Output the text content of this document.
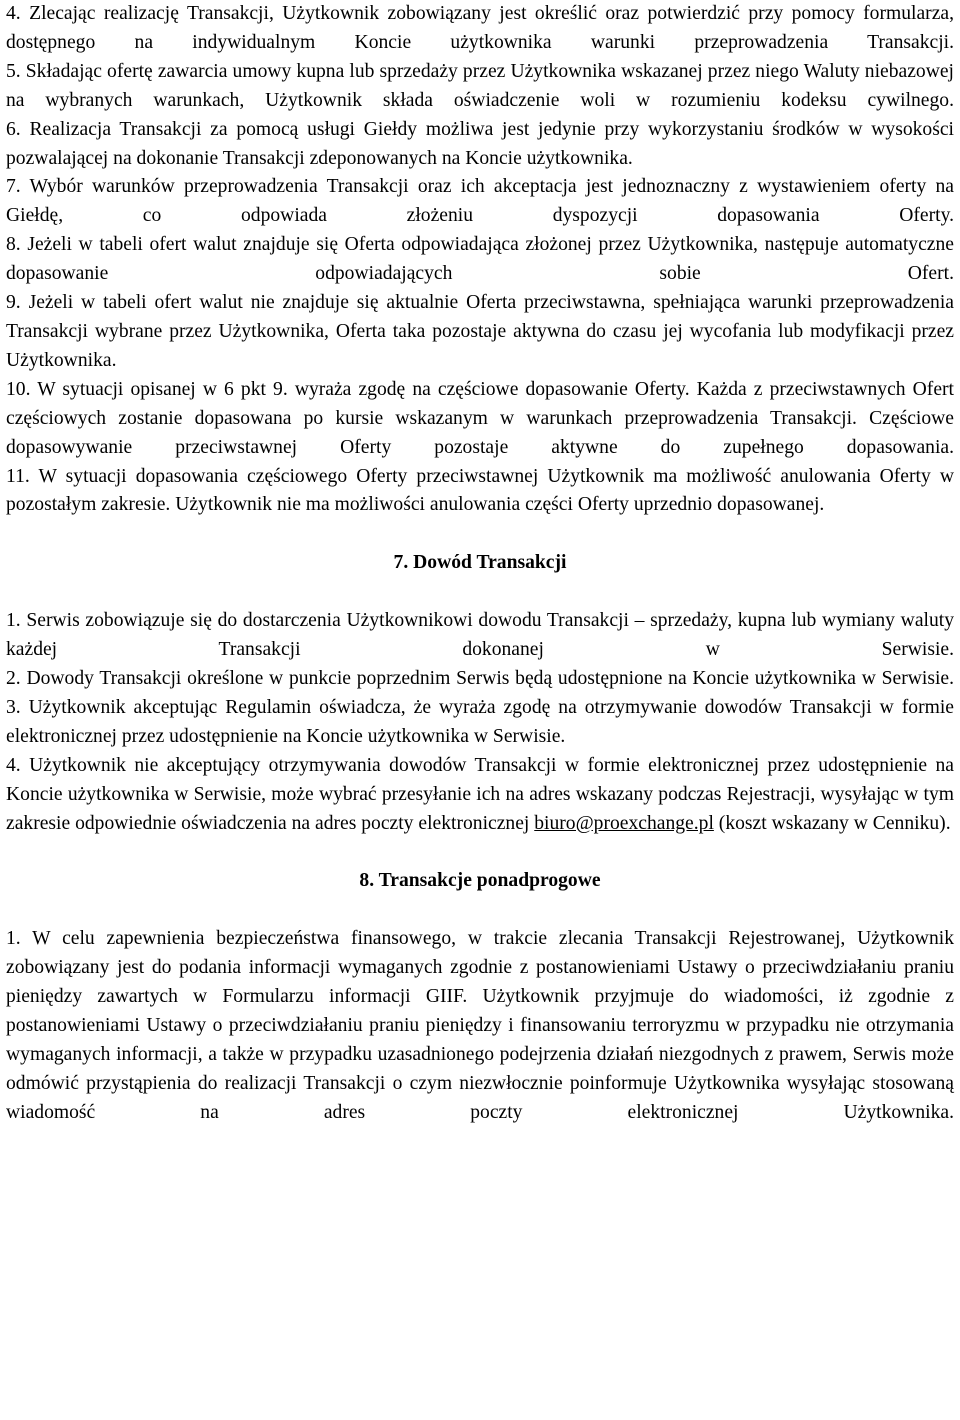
4. Zlecając realizację Transakcji, Użytkownik zobowiązany jest określić oraz potwierdzić przy pomocy formularza, dostępnego na indywidualnym Koncie użytkownika warunki przeprowadzenia Transakcji.

5. Składając ofertę zawarcia umowy kupna lub sprzedaży przez Użytkownika wskazanej przez niego Waluty niebazowej na wybranych warunkach, Użytkownik składa oświadczenie woli w rozumieniu kodeksu cywilnego.

6. Realizacja Transakcji za pomocą usługi Giełdy możliwa jest jedynie przy wykorzystaniu środków w wysokości pozwalającej na dokonanie Transakcji zdeponowanych na Koncie użytkownika.

7. Wybór warunków przeprowadzenia Transakcji oraz ich akceptacja jest jednoznaczny z wystawieniem oferty na Giełdę, co odpowiada złożeniu dyspozycji dopasowania Oferty.

8. Jeżeli w tabeli ofert walut znajduje się Oferta odpowiadająca złożonej przez Użytkownika, następuje automatyczne dopasowanie odpowiadających sobie Ofert.

9. Jeżeli w tabeli ofert walut nie znajduje się aktualnie Oferta przeciwstawna, spełniająca warunki przeprowadzenia Transakcji wybrane przez Użytkownika, Oferta taka pozostaje aktywna do czasu jej wycofania lub modyfikacji przez Użytkownika.

10. W sytuacji opisanej w 6 pkt 9. wyraża zgodę na częściowe dopasowanie Oferty. Każda z przeciwstawnych Ofert częściowych zostanie dopasowana po kursie wskazanym w warunkach przeprowadzenia Transakcji. Częściowe dopasowywanie przeciwstawnej Oferty pozostaje aktywne do zupełnego dopasowania.

11. W sytuacji dopasowania częściowego Oferty przeciwstawnej Użytkownik ma możliwość anulowania Oferty w pozostałym zakresie. Użytkownik nie ma możliwości anulowania części Oferty uprzednio dopasowanej.

7. Dowód Transakcji

1. Serwis zobowiązuje się do dostarczenia Użytkownikowi dowodu Transakcji – sprzedaży, kupna lub wymiany waluty każdej Transakcji dokonanej w Serwisie.

2. Dowody Transakcji określone w punkcie poprzednim Serwis będą udostępnione na Koncie użytkownika w Serwisie.

3. Użytkownik akceptując Regulamin oświadcza, że wyraża zgodę na otrzymywanie dowodów Transakcji w formie elektronicznej przez udostępnienie na Koncie użytkownika w Serwisie.

4. Użytkownik nie akceptujący otrzymywania dowodów Transakcji w formie elektronicznej przez udostępnienie na Koncie użytkownika w Serwisie, może wybrać przesyłanie ich na adres wskazany podczas Rejestracji, wysyłając w tym zakresie odpowiednie oświadczenia na adres poczty elektronicznej biuro@proexchange.pl (koszt wskazany w Cenniku).

8. Transakcje ponadprogowe

1. W celu zapewnienia bezpieczeństwa finansowego, w trakcie zlecania Transakcji Rejestrowanej, Użytkownik zobowiązany jest do podania informacji wymaganych zgodnie z postanowieniami Ustawy o przeciwdziałaniu praniu pieniędzy zawartych w Formularzu informacji GIIF. Użytkownik przyjmuje do wiadomości, iż zgodnie z postanowieniami Ustawy o przeciwdziałaniu praniu pieniędzy i finansowaniu terroryzmu w przypadku nie otrzymania wymaganych informacji, a także w przypadku uzasadnionego podejrzenia działań niezgodnych z prawem, Serwis może odmówić przystąpienia do realizacji Transakcji o czym niezwłocznie poinformuje Użytkownika wysyłając stosowaną wiadomość na adres poczty elektronicznej Użytkownika.
